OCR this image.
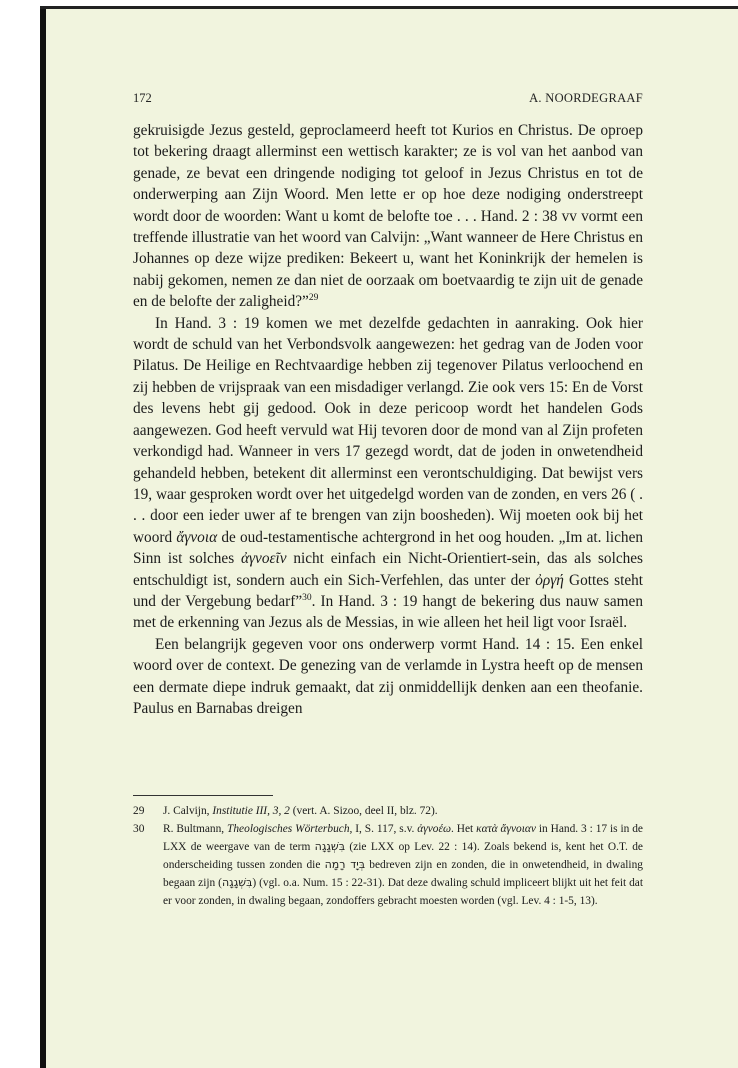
172	A. NOORDEGRAAF

gekruisigde Jezus gesteld, geproclameerd heeft tot Kurios en Christus. De oproep tot bekering draagt allerminst een wettisch karakter; ze is vol van het aanbod van genade, ze bevat een dringende nodiging tot geloof in Jezus Christus en tot de onderwerping aan Zijn Woord. Men lette er op hoe deze nodiging onderstreept wordt door de woorden: Want u komt de belofte toe . . . Hand. 2 : 38 vv vormt een treffende illustratie van het woord van Calvijn: „Want wanneer de Here Christus en Johannes op deze wijze prediken: Bekeert u, want het Koninkrijk der hemelen is nabij gekomen, nemen ze dan niet de oorzaak om boetvaardig te zijn uit de genade en de belofte der zaligheid?”$^{29}$

In Hand. 3 : 19 komen we met dezelfde gedachten in aanraking. Ook hier wordt de schuld van het Verbondsvolk aangewezen: het gedrag van de Joden voor Pilatus. De Heilige en Rechtvaardige hebben zij tegenover Pilatus verloochend en zij hebben de vrijspraak van een misdadiger verlangd. Zie ook vers 15: En de Vorst des levens hebt gij gedood. Ook in deze pericoop wordt het handelen Gods aangewezen. God heeft vervuld wat Hij tevoren door de mond van al Zijn profeten verkondigd had. Wanneer in vers 17 gezegd wordt, dat de joden in onwetendheid gehandeld hebben, betekent dit allerminst een verontschuldiging. Dat bewijst vers 19, waar gesproken wordt over het uitgedelgd worden van de zonden, en vers 26 ( . . . door een ieder uwer af te brengen van zijn boosheden). Wij moeten ook bij het woord ἄγνοια de oud-testamentische achtergrond in het oog houden. „Im at. lichen Sinn ist solches ἀγνοεῖν nicht einfach ein Nicht-Orientiert-sein, das als solches entschuldigt ist, sondern auch ein Sich-Verfehlen, das unter der ὀργή Gottes steht und der Vergebung bedarf”$^{30}$. In Hand. 3 : 19 hangt de bekering dus nauw samen met de erkenning van Jezus als de Messias, in wie alleen het heil ligt voor Israël.

Een belangrijk gegeven voor ons onderwerp vormt Hand. 14 : 15. Een enkel woord over de context. De genezing van de verlamde in Lystra heeft op de mensen een dermate diepe indruk gemaakt, dat zij onmiddellijk denken aan een theofanie. Paulus en Barnabas dreigen

29 J. Calvijn, Institutie III, 3, 2 (vert. A. Sizoo, deel II, blz. 72).
30 R. Bultmann, Theologisches Wörterbuch, I, S. 117, s.v. ἀγνοέω. Het κατὰ ἄγνοιαν in Hand. 3 : 17 is in de LXX de weergave van de term בִּשְׁגָגָה (zie LXX op Lev. 22 : 14). Zoals bekend is, kent het O.T. de onderscheiding tussen zonden die בְּיָד רָמָה bedreven zijn en zonden, die in onwetendheid, in dwaling begaan zijn (בִּשְׁגָגָה) (vgl. o.a. Num. 15 : 22-31). Dat deze dwaling schuld impliceert blijkt uit het feit dat er voor zonden, in dwaling begaan, zondoffers gebracht moesten worden (vgl. Lev. 4 : 1-5, 13).
